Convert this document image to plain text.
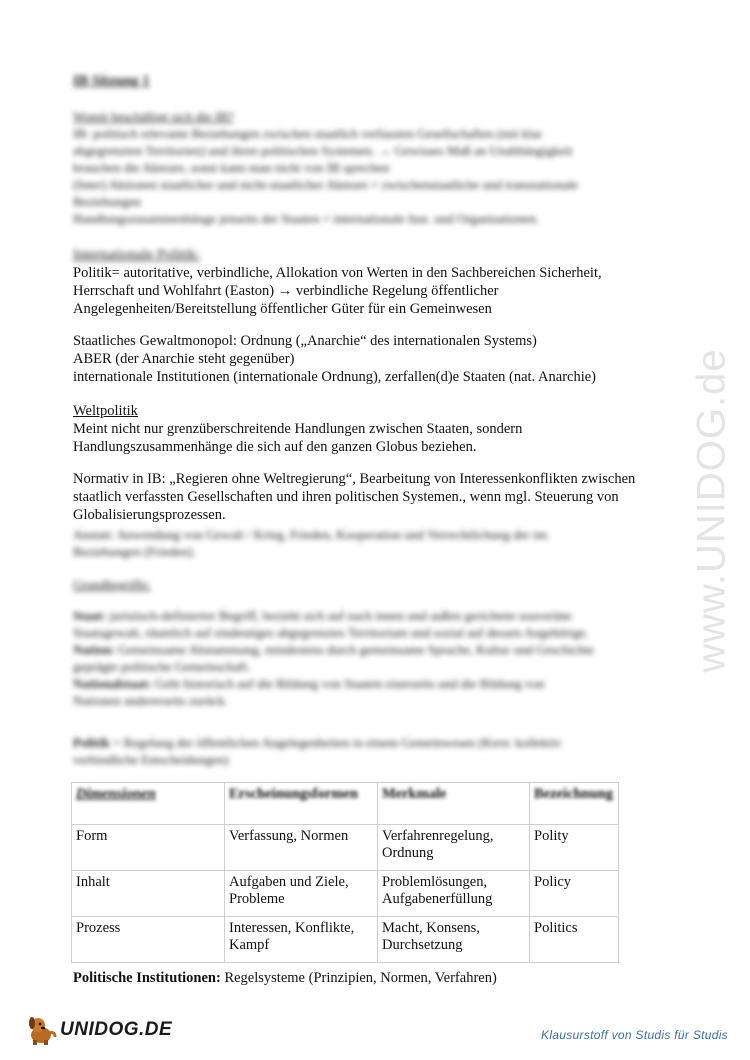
IB Sitzung 1
Womit beschäftigt sich die IB?
IB: politisch relevante Beziehungen zwischen staatlich verfassten Gesellschaften (mit klar
abgegrenzten Territorien) und ihren politischen Systemen. → Gewisses Maß an Unabhängigkeit
brauchen die Akteure, sonst kann man nicht von IB sprechen
(Inter) Aktionen staatlicher und nicht-staatlicher Akteure = zwischenstaatliche und transnationale
Beziehungen
Handlungszusammenhänge jenseits der Staaten = internationale Inst. und Organisationen.
Internationale Politik:
Politik= autoritative, verbindliche, Allokation von Werten in den Sachbereichen Sicherheit,
Herrschaft und Wohlfahrt (Easton) → verbindliche Regelung öffentlicher
Angelegenheiten/Bereitstellung öffentlicher Güter für ein Gemeinwesen
Staatliches Gewaltmonopol: Ordnung („Anarchie“ des internationalen Systems)
ABER (der Anarchie steht gegenüber)
internationale Institutionen (internationale Ordnung), zerfallen(d)e Staaten (nat. Anarchie)
Weltpolitik
Meint nicht nur grenzüberschreitende Handlungen zwischen Staaten, sondern
Handlungszusammenhänge die sich auf den ganzen Globus beziehen.
Normativ in IB: „Regieren ohne Weltregierung“, Bearbeitung von Interessenkonflikten zwischen
staatlich verfassten Gesellschaften und ihren politischen Systemen., wenn mgl. Steuerung von
Globalisierungsprozessen.
Anstatt: Anwendung von Gewalt / Krieg, Frieden, Kooperation und Verrechtlichung der int.
Beziehungen (Frieden).
Grundbegriffe:
Staat: juristisch-definierter Begriff, bezieht sich auf nach innen und außen gerichtete souveräne
Staatsgewalt, räumlich auf eindeutiges abgegrenztes Territorium und sozial auf dessen Angehörige.
Nation: Gemeinsame Abstammung, mindestens durch gemeinsame Sprache, Kultur und Geschichte
geprägte politische Gemeinschaft.
Nationalstaat: Geht historisch auf die Bildung von Staaten einerseits und die Bildung von
Nationen andererseits zurück.
Politik = Regelung der öffentlichen Angelegenheiten in einem Gemeinwesen (Kern: kollektiv
verbindliche Entscheidungen)
Dimensionen	Erscheinungsformen	Merkmale	Bezeichnung
Form	Verfassung, Normen	Verfahrenregelung, Ordnung	Polity
Inhalt	Aufgaben und Ziele, Probleme	Problemlösungen, Aufgabenerfüllung	Policy
Prozess	Interessen, Konflikte, Kampf	Macht, Konsens, Durchsetzung	Politics
Politische Institutionen: Regelsysteme (Prinzipien, Normen, Verfahren)
www.UNIDOG.de
UNIDOG.DE	Klausurstoff von Studis für Studis
